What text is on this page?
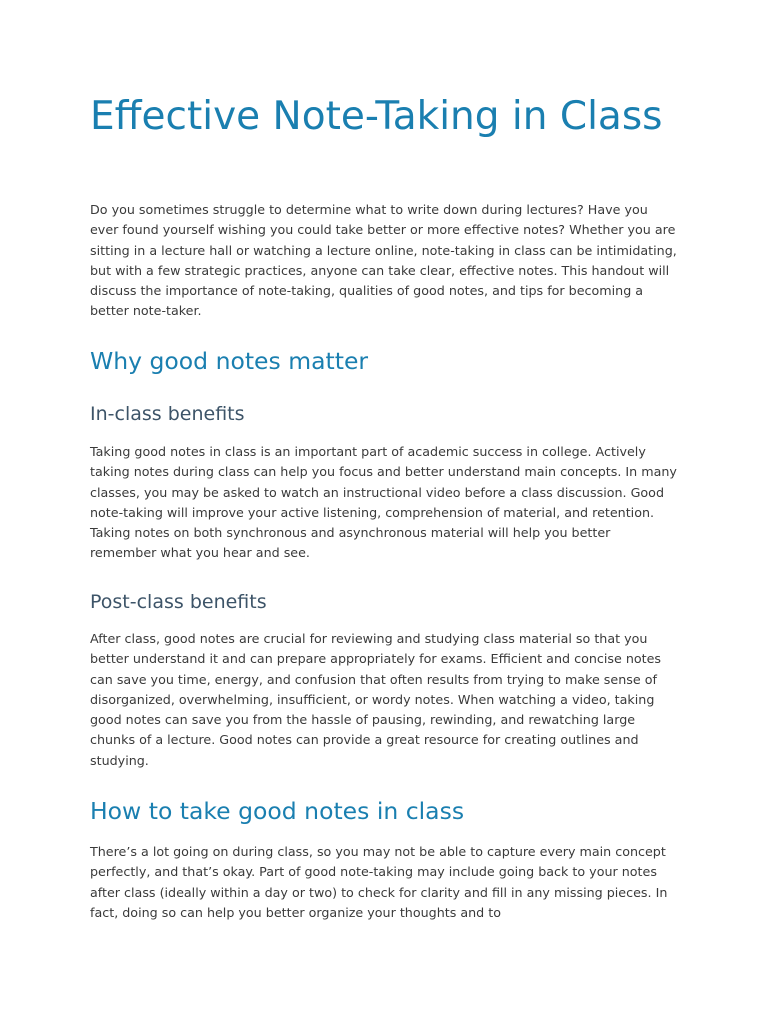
Effective Note-Taking in Class

Do you sometimes struggle to determine what to write down during lectures? Have you ever found yourself wishing you could take better or more effective notes? Whether you are sitting in a lecture hall or watching a lecture online, note-taking in class can be intimidating, but with a few strategic practices, anyone can take clear, effective notes. This handout will discuss the importance of note-taking, qualities of good notes, and tips for becoming a better note-taker.

Why good notes matter
In-class benefits

Taking good notes in class is an important part of academic success in college. Actively taking notes during class can help you focus and better understand main concepts. In many classes, you may be asked to watch an instructional video before a class discussion. Good note-taking will improve your active listening, comprehension of material, and retention. Taking notes on both synchronous and asynchronous material will help you better remember what you hear and see.

Post-class benefits

After class, good notes are crucial for reviewing and studying class material so that you better understand it and can prepare appropriately for exams. Efficient and concise notes can save you time, energy, and confusion that often results from trying to make sense of disorganized, overwhelming, insufficient, or wordy notes. When watching a video, taking good notes can save you from the hassle of pausing, rewinding, and rewatching large chunks of a lecture. Good notes can provide a great resource for creating outlines and studying.

How to take good notes in class

There’s a lot going on during class, so you may not be able to capture every main concept perfectly, and that’s okay. Part of good note-taking may include going back to your notes after class (ideally within a day or two) to check for clarity and fill in any missing pieces. In fact, doing so can help you better organize your thoughts and to
